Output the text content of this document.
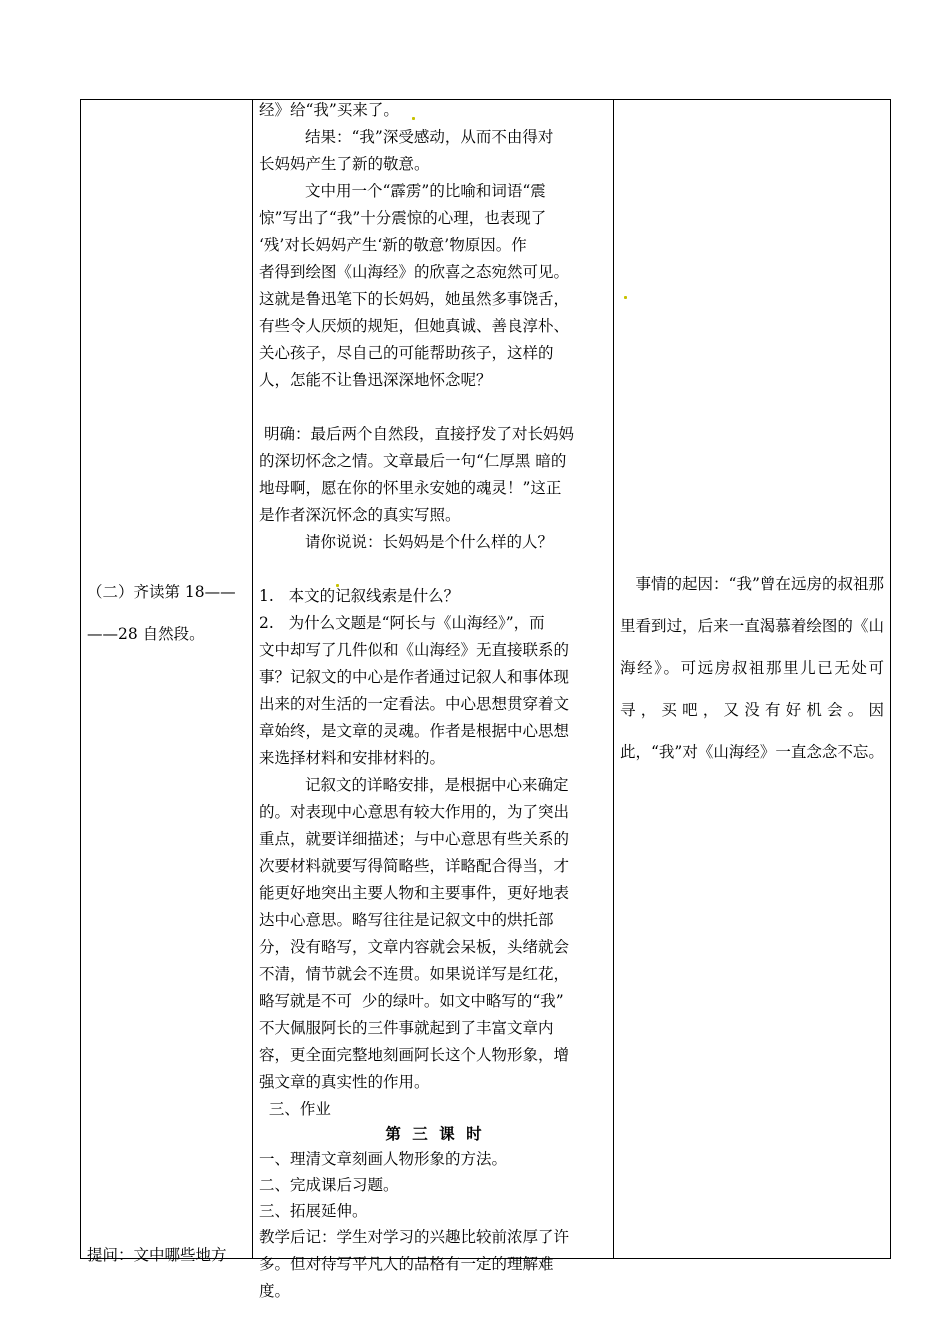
（二）齐读第 18——
——28 自然段。
提问：文中哪些地方
经》给“我”买来了。
结果：“我”深受感动，从而不由得对
长妈妈产生了新的敬意。
文中用一个“霹雳”的比喻和词语“震
惊”写出了“我”十分震惊的心理，也表现了
‘残’对长妈妈产生‘新的敬意’物原因。作
者得到绘图《山海经》的欣喜之态宛然可见。
这就是鲁迅笔下的长妈妈，她虽然多事饶舌，
有些令人厌烦的规矩，但她真诚、善良淳朴、
关心孩子，尽自己的可能帮助孩子，这样的
人，怎能不让鲁迅深深地怀念呢？
明确：最后两个自然段，直接抒发了对长妈妈
的深切怀念之情。文章最后一句“仁厚黑 暗的
地母啊，愿在你的怀里永安她的魂灵！”这正
是作者深沉怀念的真实写照。
请你说说：长妈妈是个什么样的人？
1.   本文的记叙线索是什么？
2.   为什么文题是“阿长与《山海经》”，而
文中却写了几件似和《山海经》无直接联系的
事？记叙文的中心是作者通过记叙人和事体现
出来的对生活的一定看法。中心思想贯穿着文
章始终，是文章的灵魂。作者是根据中心思想
来选择材料和安排材料的。
记叙文的详略安排，是根据中心来确定
的。对表现中心意思有较大作用的，为了突出
重点，就要详细描述；与中心意思有些关系的
次要材料就要写得简略些，详略配合得当，才
能更好地突出主要人物和主要事件，更好地表
达中心意思。略写往往是记叙文中的烘托部
分，没有略写，文章内容就会呆板，头绪就会
不清，情节就会不连贯。如果说详写是红花，
略写就是不可  少的绿叶。如文中略写的“我”
不大佩服阿长的三件事就起到了丰富文章内
容，更全面完整地刻画阿长这个人物形象，增
强文章的真实性的作用。
三、作业
第 三 课 时
一、理清文章刻画人物形象的方法。
二、完成课后习题。
三、拓展延伸。
教学后记：学生对学习的兴趣比较前浓厚了许
多。但对待写平凡人的品格有一定的理解难
度。
事情的起因：“我”曾在远房的叔祖那里看到过，后来一直渴慕着绘图的《山海经》。可远房叔祖那里儿已无处可寻，买吧，又没有好机会。因此，“我”对《山海经》一直念念不忘。
